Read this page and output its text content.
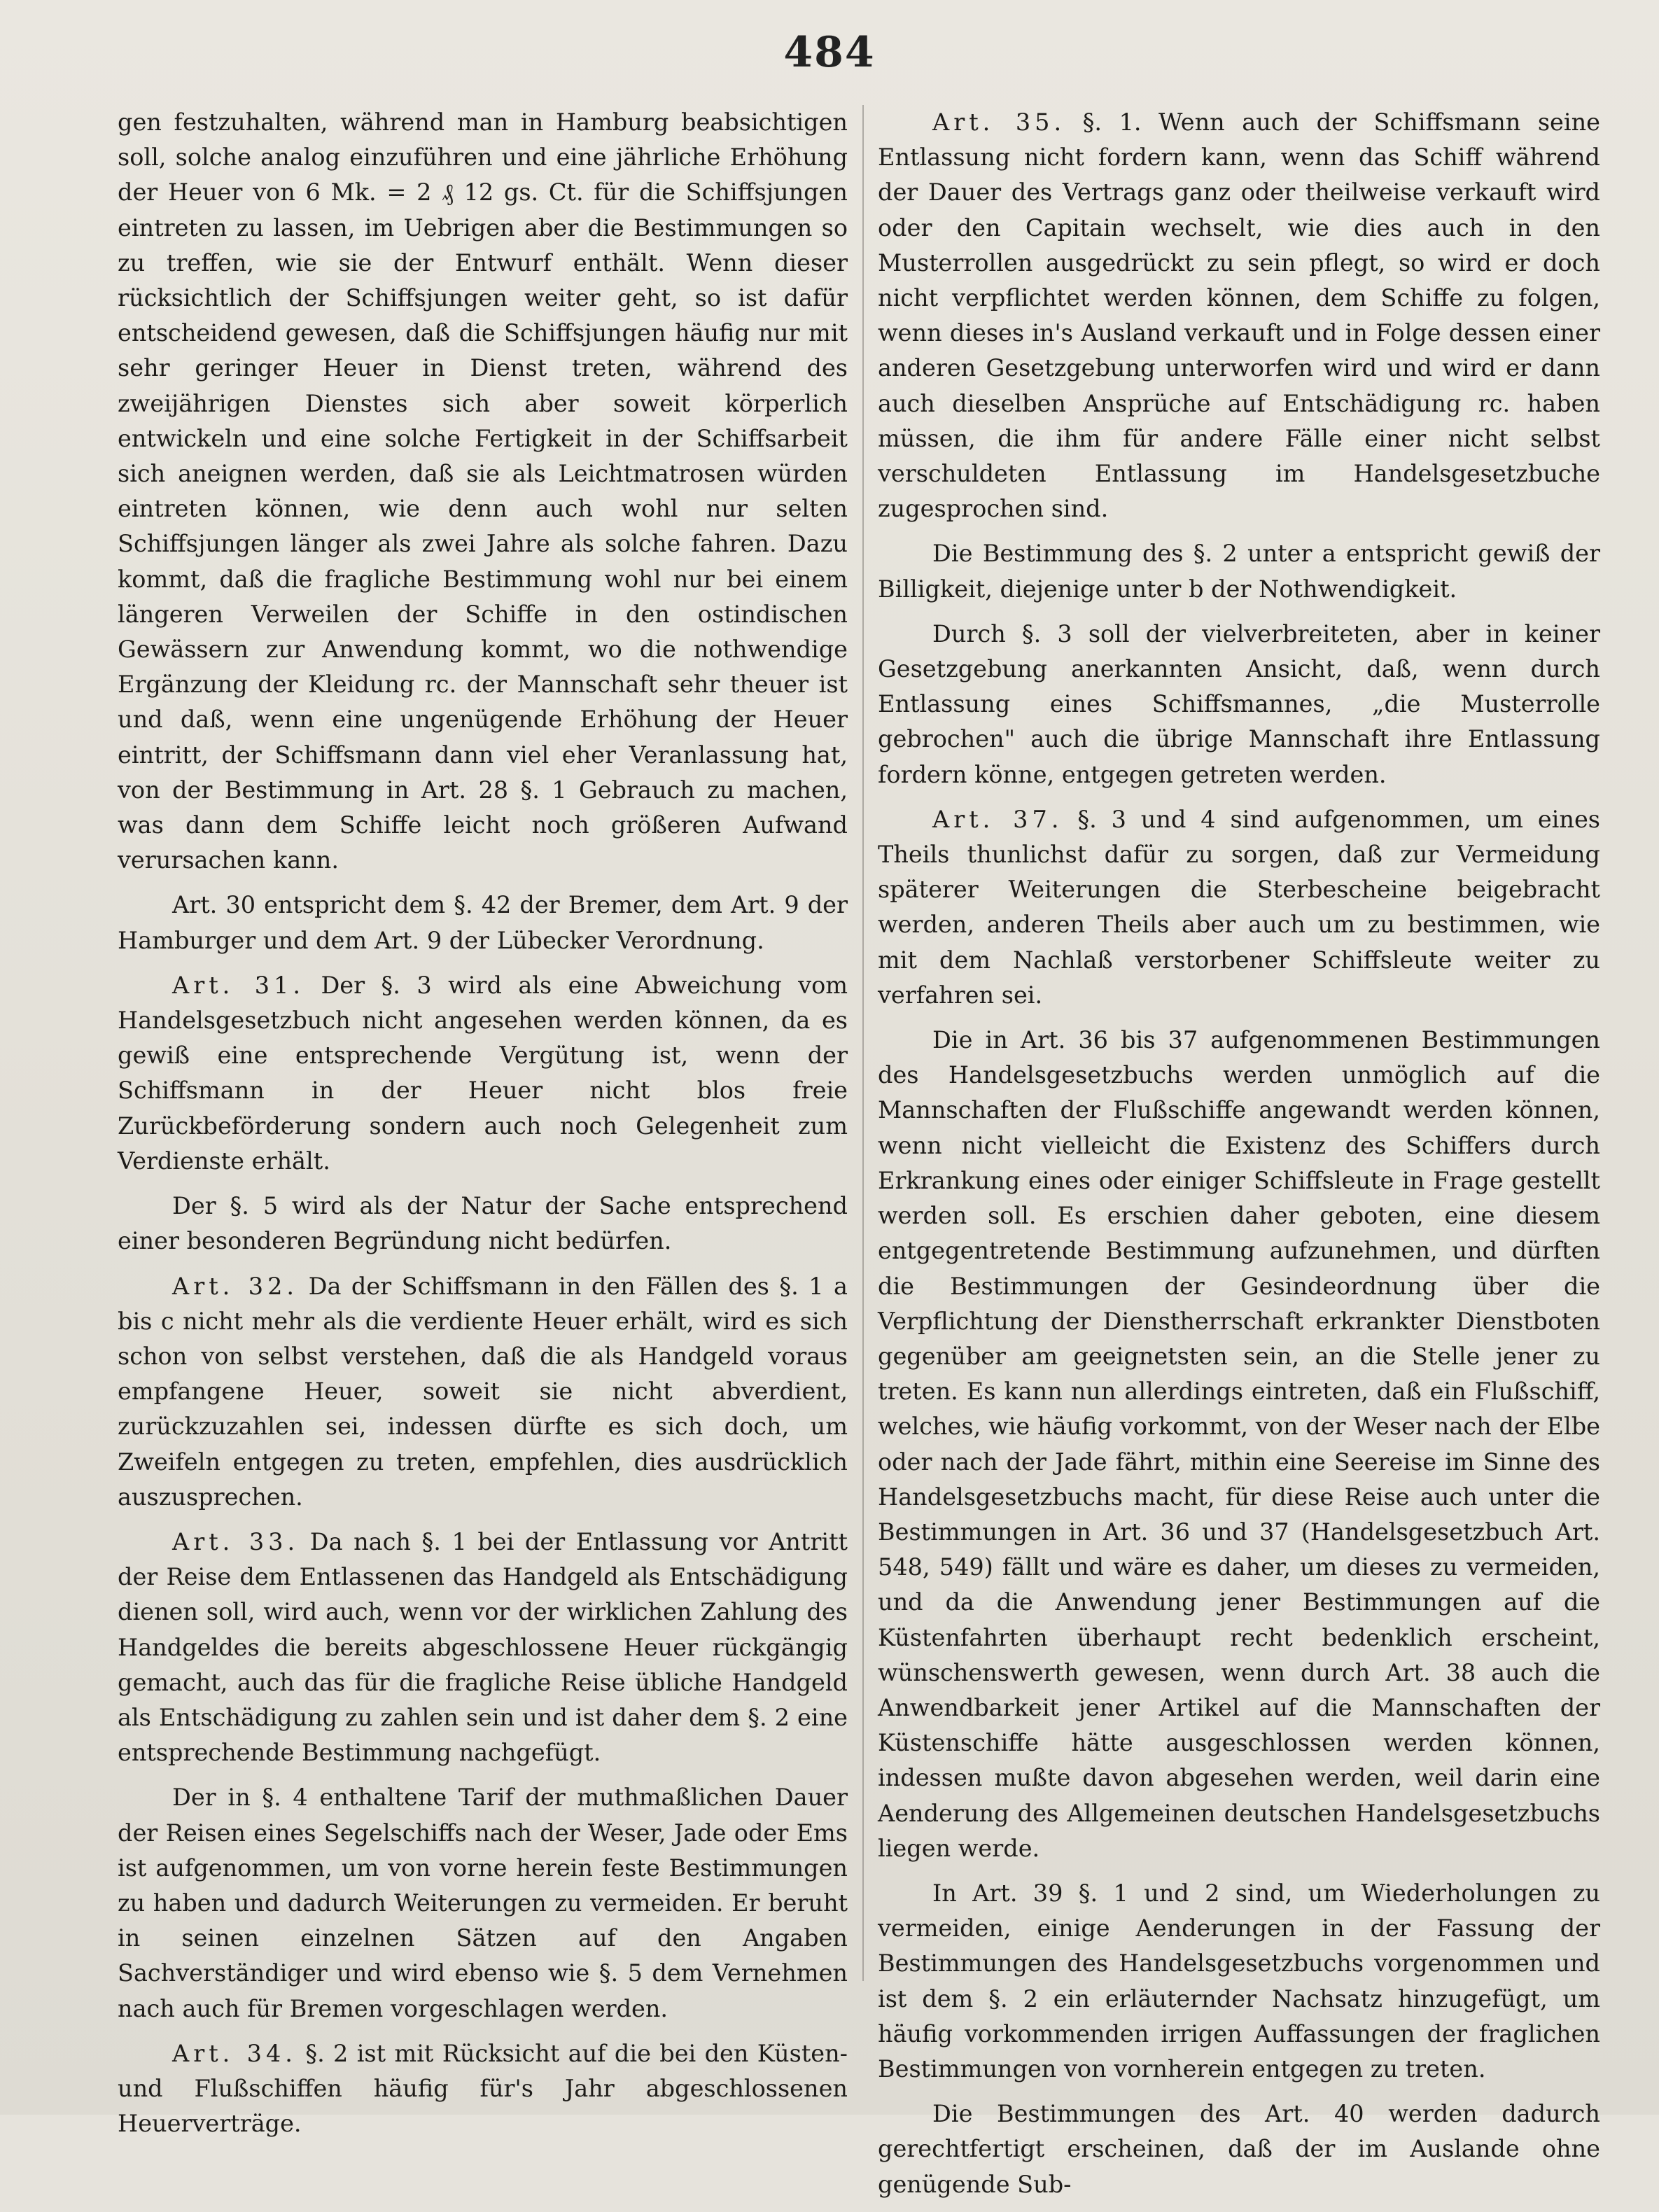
484

gen festzuhalten, während man in Hamburg beabsichtigen soll, solche analog einzuführen und eine jährliche Erhöhung der Heuer von 6 Mk. = 2 ₰ 12 gs. Ct. für die Schiffsjungen eintreten zu lassen, im Uebrigen aber die Bestimmungen so zu treffen, wie sie der Entwurf enthält. Wenn dieser rücksichtlich der Schiffsjungen weiter geht, so ist dafür entscheidend gewesen, daß die Schiffsjungen häufig nur mit sehr geringer Heuer in Dienst treten, während des zweijährigen Dienstes sich aber soweit körperlich entwickeln und eine solche Fertigkeit in der Schiffsarbeit sich aneignen werden, daß sie als Leichtmatrosen würden eintreten können, wie denn auch wohl nur selten Schiffsjungen länger als zwei Jahre als solche fahren. Dazu kommt, daß die fragliche Bestimmung wohl nur bei einem längeren Verweilen der Schiffe in den ostindischen Gewässern zur Anwendung kommt, wo die nothwendige Ergänzung der Kleidung rc. der Mannschaft sehr theuer ist und daß, wenn eine ungenügende Erhöhung der Heuer eintritt, der Schiffsmann dann viel eher Veranlassung hat, von der Bestimmung in Art. 28 §. 1 Gebrauch zu machen, was dann dem Schiffe leicht noch größeren Aufwand verursachen kann.

Art. 30 entspricht dem §. 42 der Bremer, dem Art. 9 der Hamburger und dem Art. 9 der Lübecker Verordnung.

Art. 31. Der §. 3 wird als eine Abweichung vom Handelsgesetzbuch nicht angesehen werden können, da es gewiß eine entsprechende Vergütung ist, wenn der Schiffsmann in der Heuer nicht blos freie Zurückbeförderung sondern auch noch Gelegenheit zum Verdienste erhält.

Der §. 5 wird als der Natur der Sache entsprechend einer besonderen Begründung nicht bedürfen.

Art. 32. Da der Schiffsmann in den Fällen des §. 1 a bis c nicht mehr als die verdiente Heuer erhält, wird es sich schon von selbst verstehen, daß die als Handgeld voraus empfangene Heuer, soweit sie nicht abverdient, zurückzuzahlen sei, indessen dürfte es sich doch, um Zweifeln entgegen zu treten, empfehlen, dies ausdrücklich auszusprechen.

Art. 33. Da nach §. 1 bei der Entlassung vor Antritt der Reise dem Entlassenen das Handgeld als Entschädigung dienen soll, wird auch, wenn vor der wirklichen Zahlung des Handgeldes die bereits abgeschlossene Heuer rückgängig gemacht, auch das für die fragliche Reise übliche Handgeld als Entschädigung zu zahlen sein und ist daher dem §. 2 eine entsprechende Bestimmung nachgefügt.

Der in §. 4 enthaltene Tarif der muthmaßlichen Dauer der Reisen eines Segelschiffs nach der Weser, Jade oder Ems ist aufgenommen, um von vorne herein feste Bestimmungen zu haben und dadurch Weiterungen zu vermeiden. Er beruht in seinen einzelnen Sätzen auf den Angaben Sachverständiger und wird ebenso wie §. 5 dem Vernehmen nach auch für Bremen vorgeschlagen werden.

Art. 34. §. 2 ist mit Rücksicht auf die bei den Küsten- und Flußschiffen häufig für's Jahr abgeschlossenen Heuerverträge.

Art. 35. §. 1. Wenn auch der Schiffsmann seine Entlassung nicht fordern kann, wenn das Schiff während der Dauer des Vertrags ganz oder theilweise verkauft wird oder den Capitain wechselt, wie dies auch in den Musterrollen ausgedrückt zu sein pflegt, so wird er doch nicht verpflichtet werden können, dem Schiffe zu folgen, wenn dieses in's Ausland verkauft und in Folge dessen einer anderen Gesetzgebung unterworfen wird und wird er dann auch dieselben Ansprüche auf Entschädigung rc. haben müssen, die ihm für andere Fälle einer nicht selbst verschuldeten Entlassung im Handelsgesetzbuche zugesprochen sind.

Die Bestimmung des §. 2 unter a entspricht gewiß der Billigkeit, diejenige unter b der Nothwendigkeit.

Durch §. 3 soll der vielverbreiteten, aber in keiner Gesetzgebung anerkannten Ansicht, daß, wenn durch Entlassung eines Schiffsmannes, „die Musterrolle gebrochen" auch die übrige Mannschaft ihre Entlassung fordern könne, entgegen getreten werden.

Art. 37. §. 3 und 4 sind aufgenommen, um eines Theils thunlichst dafür zu sorgen, daß zur Vermeidung späterer Weiterungen die Sterbescheine beigebracht werden, anderen Theils aber auch um zu bestimmen, wie mit dem Nachlaß verstorbener Schiffsleute weiter zu verfahren sei.

Die in Art. 36 bis 37 aufgenommenen Bestimmungen des Handelsgesetzbuchs werden unmöglich auf die Mannschaften der Flußschiffe angewandt werden können, wenn nicht vielleicht die Existenz des Schiffers durch Erkrankung eines oder einiger Schiffsleute in Frage gestellt werden soll. Es erschien daher geboten, eine diesem entgegentretende Bestimmung aufzunehmen, und dürften die Bestimmungen der Gesindeordnung über die Verpflichtung der Dienstherrschaft erkrankter Dienstboten gegenüber am geeignetsten sein, an die Stelle jener zu treten. Es kann nun allerdings eintreten, daß ein Flußschiff, welches, wie häufig vorkommt, von der Weser nach der Elbe oder nach der Jade fährt, mithin eine Seereise im Sinne des Handelsgesetzbuchs macht, für diese Reise auch unter die Bestimmungen in Art. 36 und 37 (Handelsgesetzbuch Art. 548, 549) fällt und wäre es daher, um dieses zu vermeiden, und da die Anwendung jener Bestimmungen auf die Küstenfahrten überhaupt recht bedenklich erscheint, wünschenswerth gewesen, wenn durch Art. 38 auch die Anwendbarkeit jener Artikel auf die Mannschaften der Küstenschiffe hätte ausgeschlossen werden können, indessen mußte davon abgesehen werden, weil darin eine Aenderung des Allgemeinen deutschen Handelsgesetzbuchs liegen werde.

In Art. 39 §. 1 und 2 sind, um Wiederholungen zu vermeiden, einige Aenderungen in der Fassung der Bestimmungen des Handelsgesetzbuchs vorgenommen und ist dem §. 2 ein erläuternder Nachsatz hinzugefügt, um häufig vorkommenden irrigen Auffassungen der fraglichen Bestimmungen von vornherein entgegen zu treten.

Die Bestimmungen des Art. 40 werden dadurch gerechtfertigt erscheinen, daß der im Auslande ohne genügende Sub-
